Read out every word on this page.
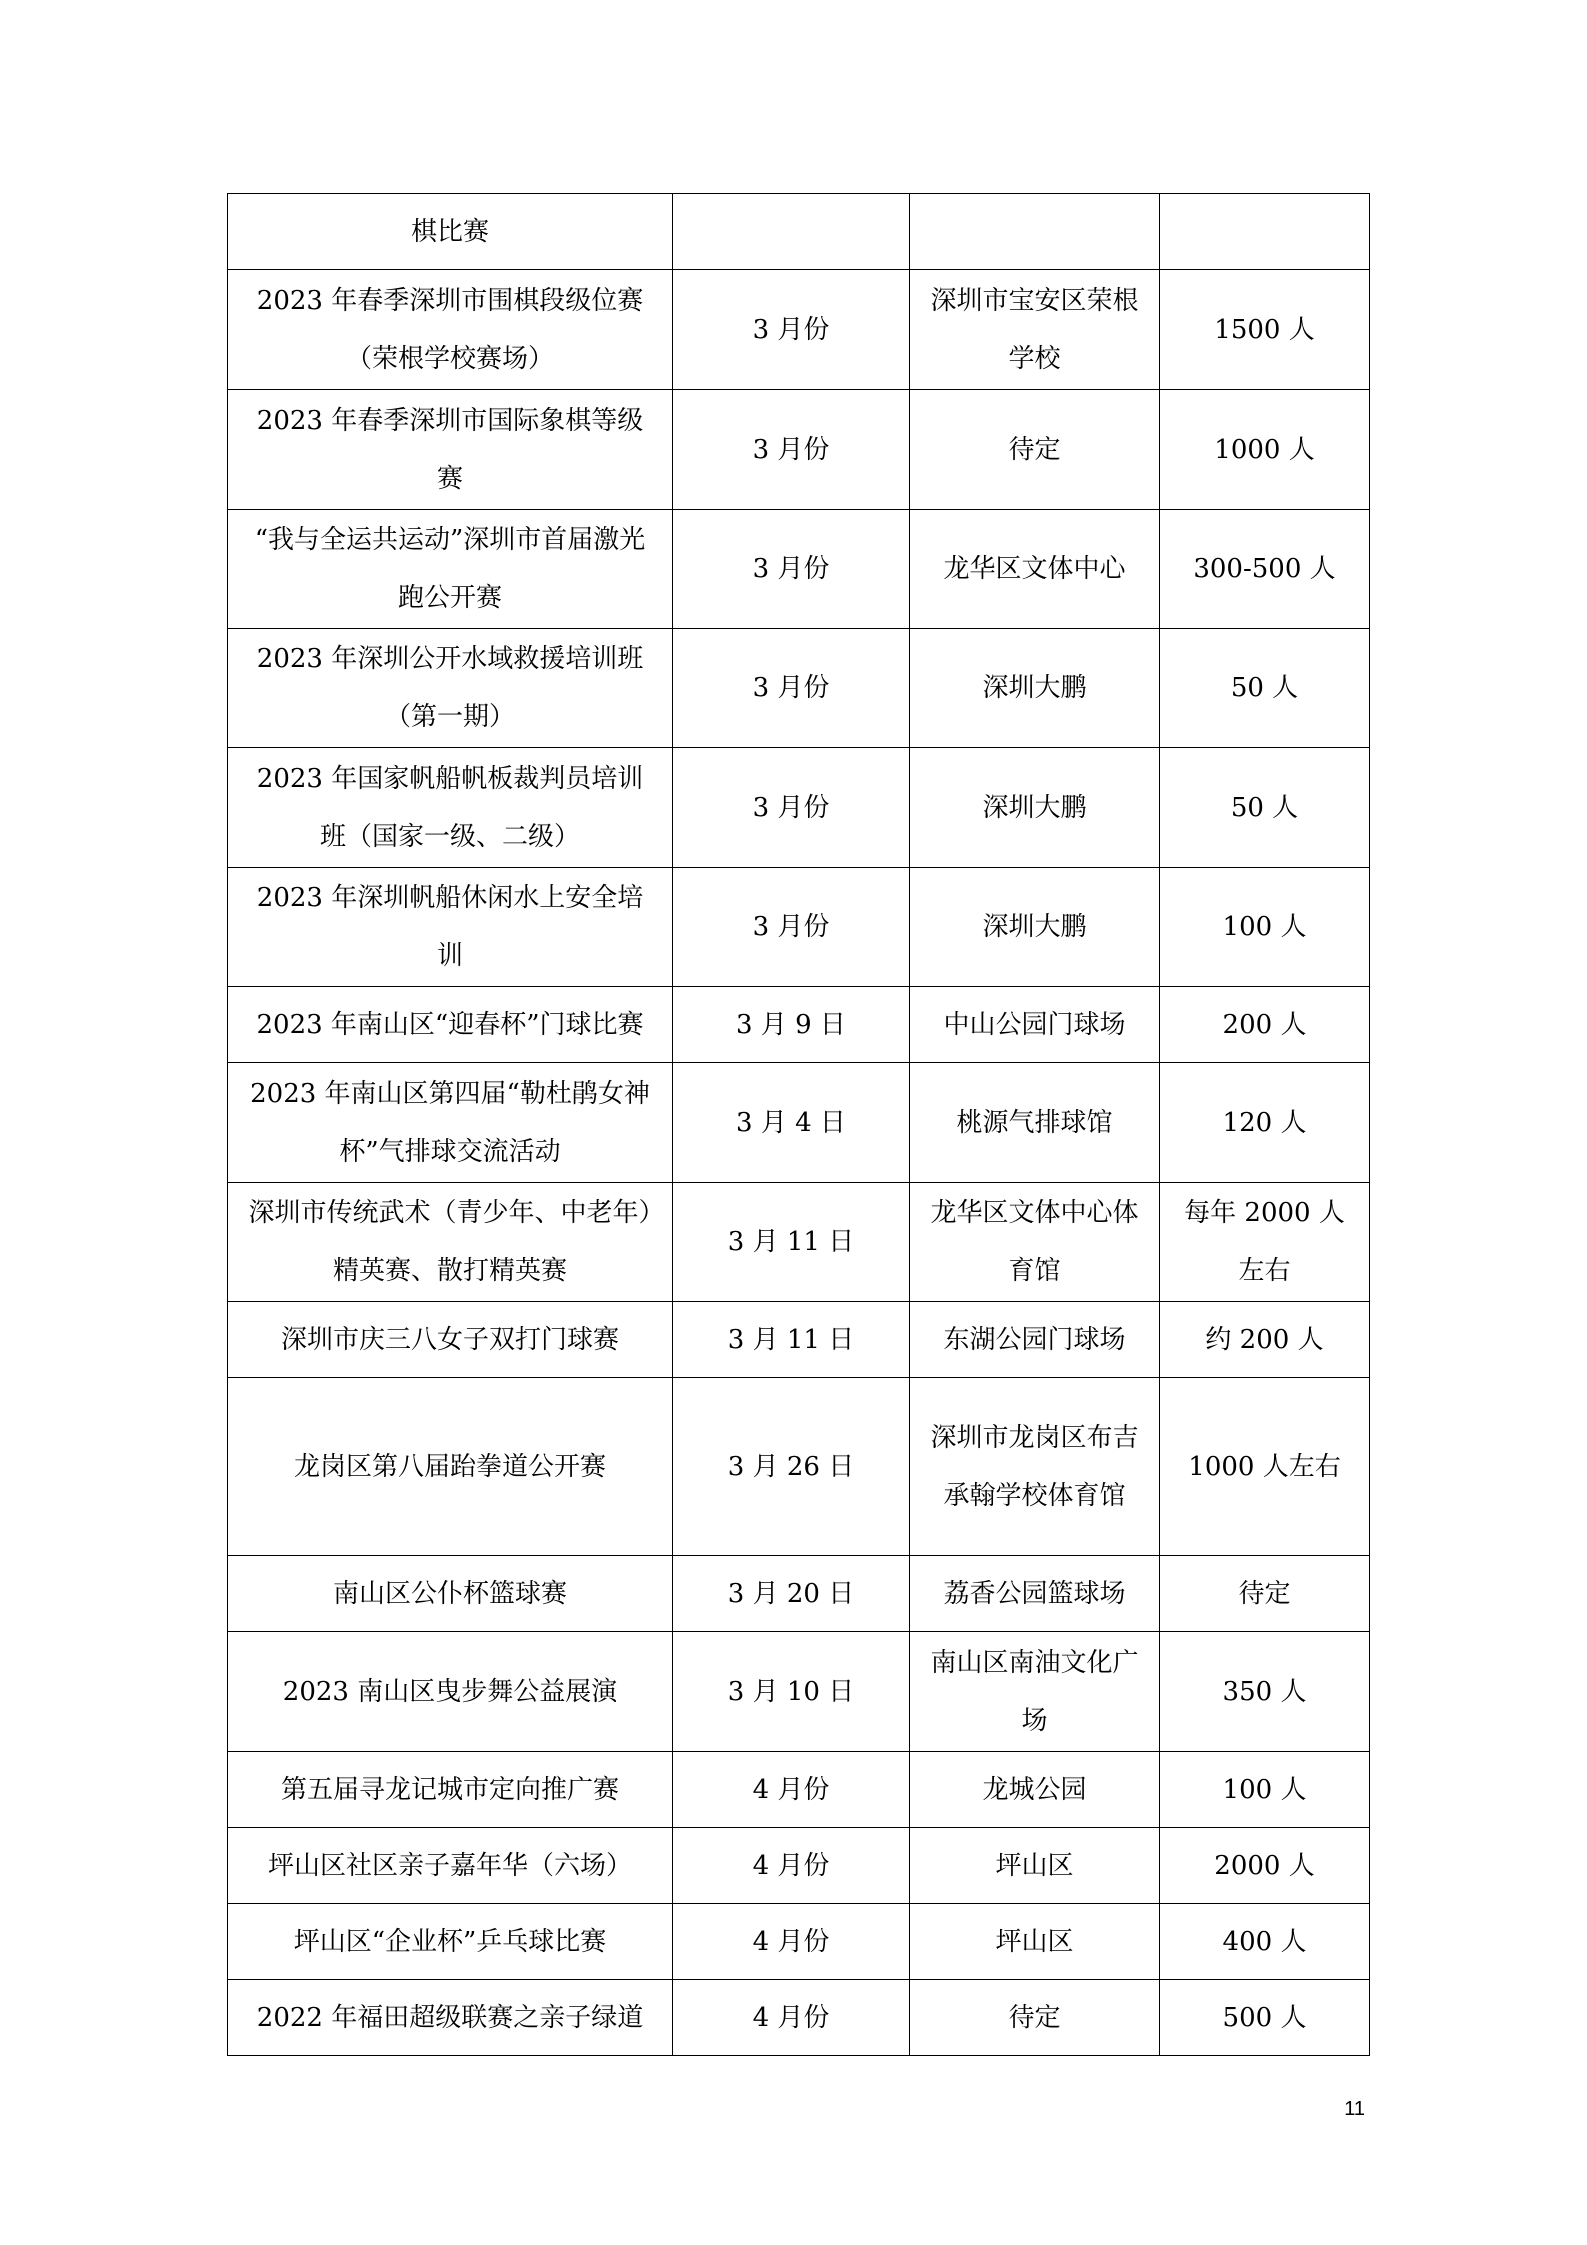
棋比赛			
2023 年春季深圳市围棋段级位赛（荣根学校赛场）	3 月份	深圳市宝安区荣根学校	1500 人
2023 年春季深圳市国际象棋等级赛	3 月份	待定	1000 人
“我与全运共运动”深圳市首届激光跑公开赛	3 月份	龙华区文体中心	300-500 人
2023 年深圳公开水域救援培训班（第一期）	3 月份	深圳大鹏	50 人
2023 年国家帆船帆板裁判员培训班（国家一级、二级）	3 月份	深圳大鹏	50 人
2023 年深圳帆船休闲水上安全培训	3 月份	深圳大鹏	100 人
2023 年南山区“迎春杯”门球比赛	3 月 9 日	中山公园门球场	200 人
2023 年南山区第四届“勒杜鹃女神杯”气排球交流活动	3 月 4 日	桃源气排球馆	120 人
深圳市传统武术（青少年、中老年）精英赛、散打精英赛	3 月 11 日	龙华区文体中心体育馆	每年 2000 人左右
深圳市庆三八女子双打门球赛	3 月 11 日	东湖公园门球场	约 200 人
龙岗区第八届跆拳道公开赛	3 月 26 日	深圳市龙岗区布吉承翰学校体育馆	1000 人左右
南山区公仆杯篮球赛	3 月 20 日	荔香公园篮球场	待定
2023 南山区曳步舞公益展演	3 月 10 日	南山区南油文化广场	350 人
第五届寻龙记城市定向推广赛	4 月份	龙城公园	100 人
坪山区社区亲子嘉年华（六场）	4 月份	坪山区	2000 人
坪山区“企业杯”乒乓球比赛	4 月份	坪山区	400 人
2022 年福田超级联赛之亲子绿道	4 月份	待定	500 人
11
